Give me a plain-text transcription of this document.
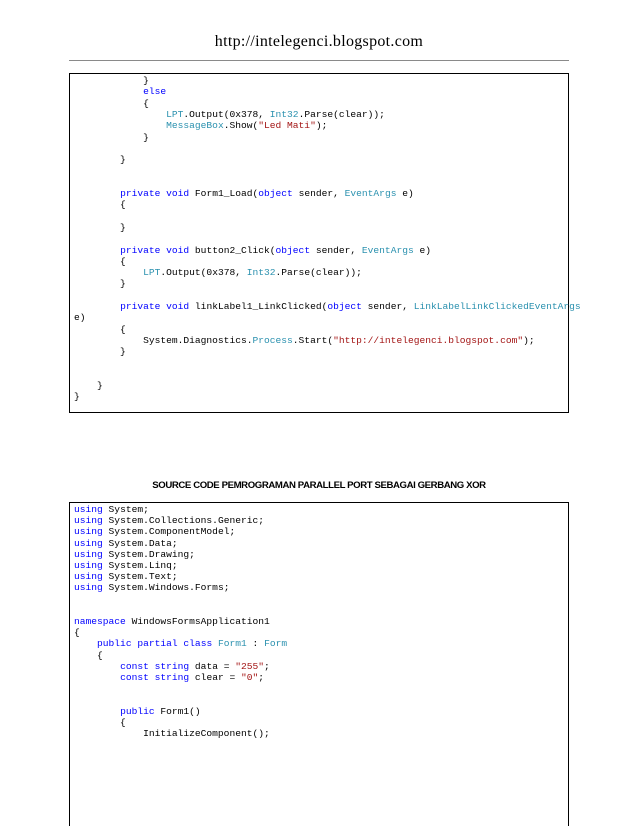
http://intelegenci.blogspot.com
}
else
{
LPT.Output(0x378, Int32.Parse(clear));
MessageBox.Show("Led Mati");
}
}
private void Form1_Load(object sender, EventArgs e)
{
}
private void button2_Click(object sender, EventArgs e)
{
LPT.Output(0x378, Int32.Parse(clear));
}
private void linkLabel1_LinkClicked(object sender, LinkLabelLinkClickedEventArgs
e)
{
System.Diagnostics.Process.Start("http://intelegenci.blogspot.com");
}
}
}
SOURCE CODE PEMROGRAMAN PARALLEL PORT SEBAGAI GERBANG XOR
using System;
using System.Collections.Generic;
using System.ComponentModel;
using System.Data;
using System.Drawing;
using System.Linq;
using System.Text;
using System.Windows.Forms;
namespace WindowsFormsApplication1
{
public partial class Form1 : Form
{
const string data = "255";
const string clear = "0";
public Form1()
{
InitializeComponent();
